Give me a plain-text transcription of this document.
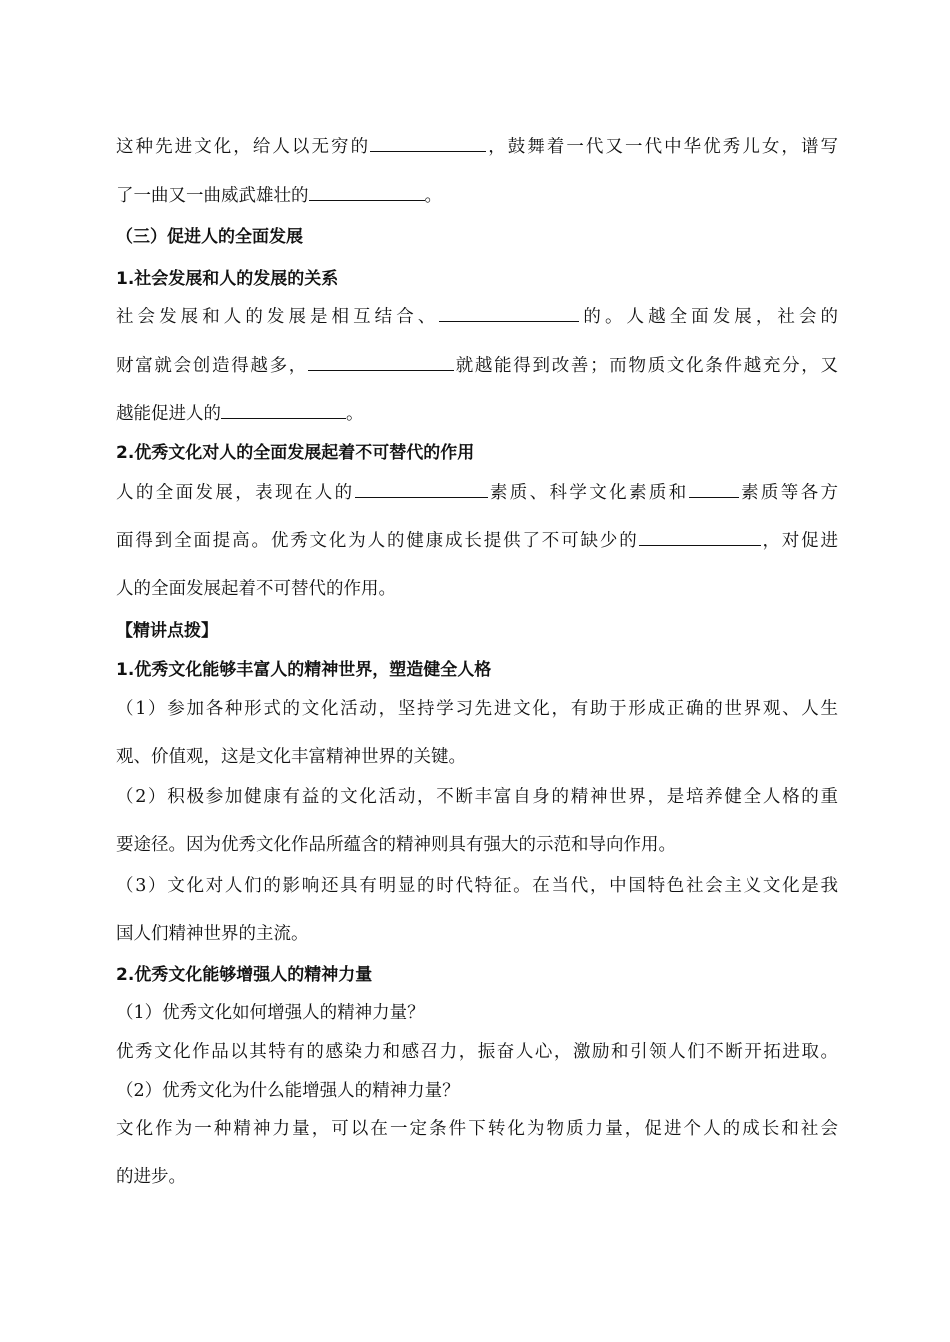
这种先进文化，给人以无穷的	，鼓舞着一代又一代中华优秀儿女，谱写
了一曲又一曲威武雄壮的	。
（三）促进人的全面发展
1.社会发展和人的发展的关系
社会发展和人的发展是相互结合、	的。人越全面发展，社会的
财富就会创造得越多，	就越能得到改善；而物质文化条件越充分，又
越能促进人的	。
2.优秀文化对人的全面发展起着不可替代的作用
人的全面发展，表现在人的	素质、科学文化素质和	素质等各方
面得到全面提高。优秀文化为人的健康成长提供了不可缺少的	，对促进
人的全面发展起着不可替代的作用。
【精讲点拨】
1.优秀文化能够丰富人的精神世界，塑造健全人格
（1）参加各种形式的文化活动，坚持学习先进文化，有助于形成正确的世界观、人生
观、价值观，这是文化丰富精神世界的关键。
（2）积极参加健康有益的文化活动，不断丰富自身的精神世界，是培养健全人格的重
要途径。因为优秀文化作品所蕴含的精神则具有强大的示范和导向作用。
（3）文化对人们的影响还具有明显的时代特征。在当代，中国特色社会主义文化是我
国人们精神世界的主流。
2.优秀文化能够增强人的精神力量
（1）优秀文化如何增强人的精神力量？
优秀文化作品以其特有的感染力和感召力，振奋人心，激励和引领人们不断开拓进取。
（2）优秀文化为什么能增强人的精神力量？
文化作为一种精神力量，可以在一定条件下转化为物质力量，促进个人的成长和社会
的进步。
